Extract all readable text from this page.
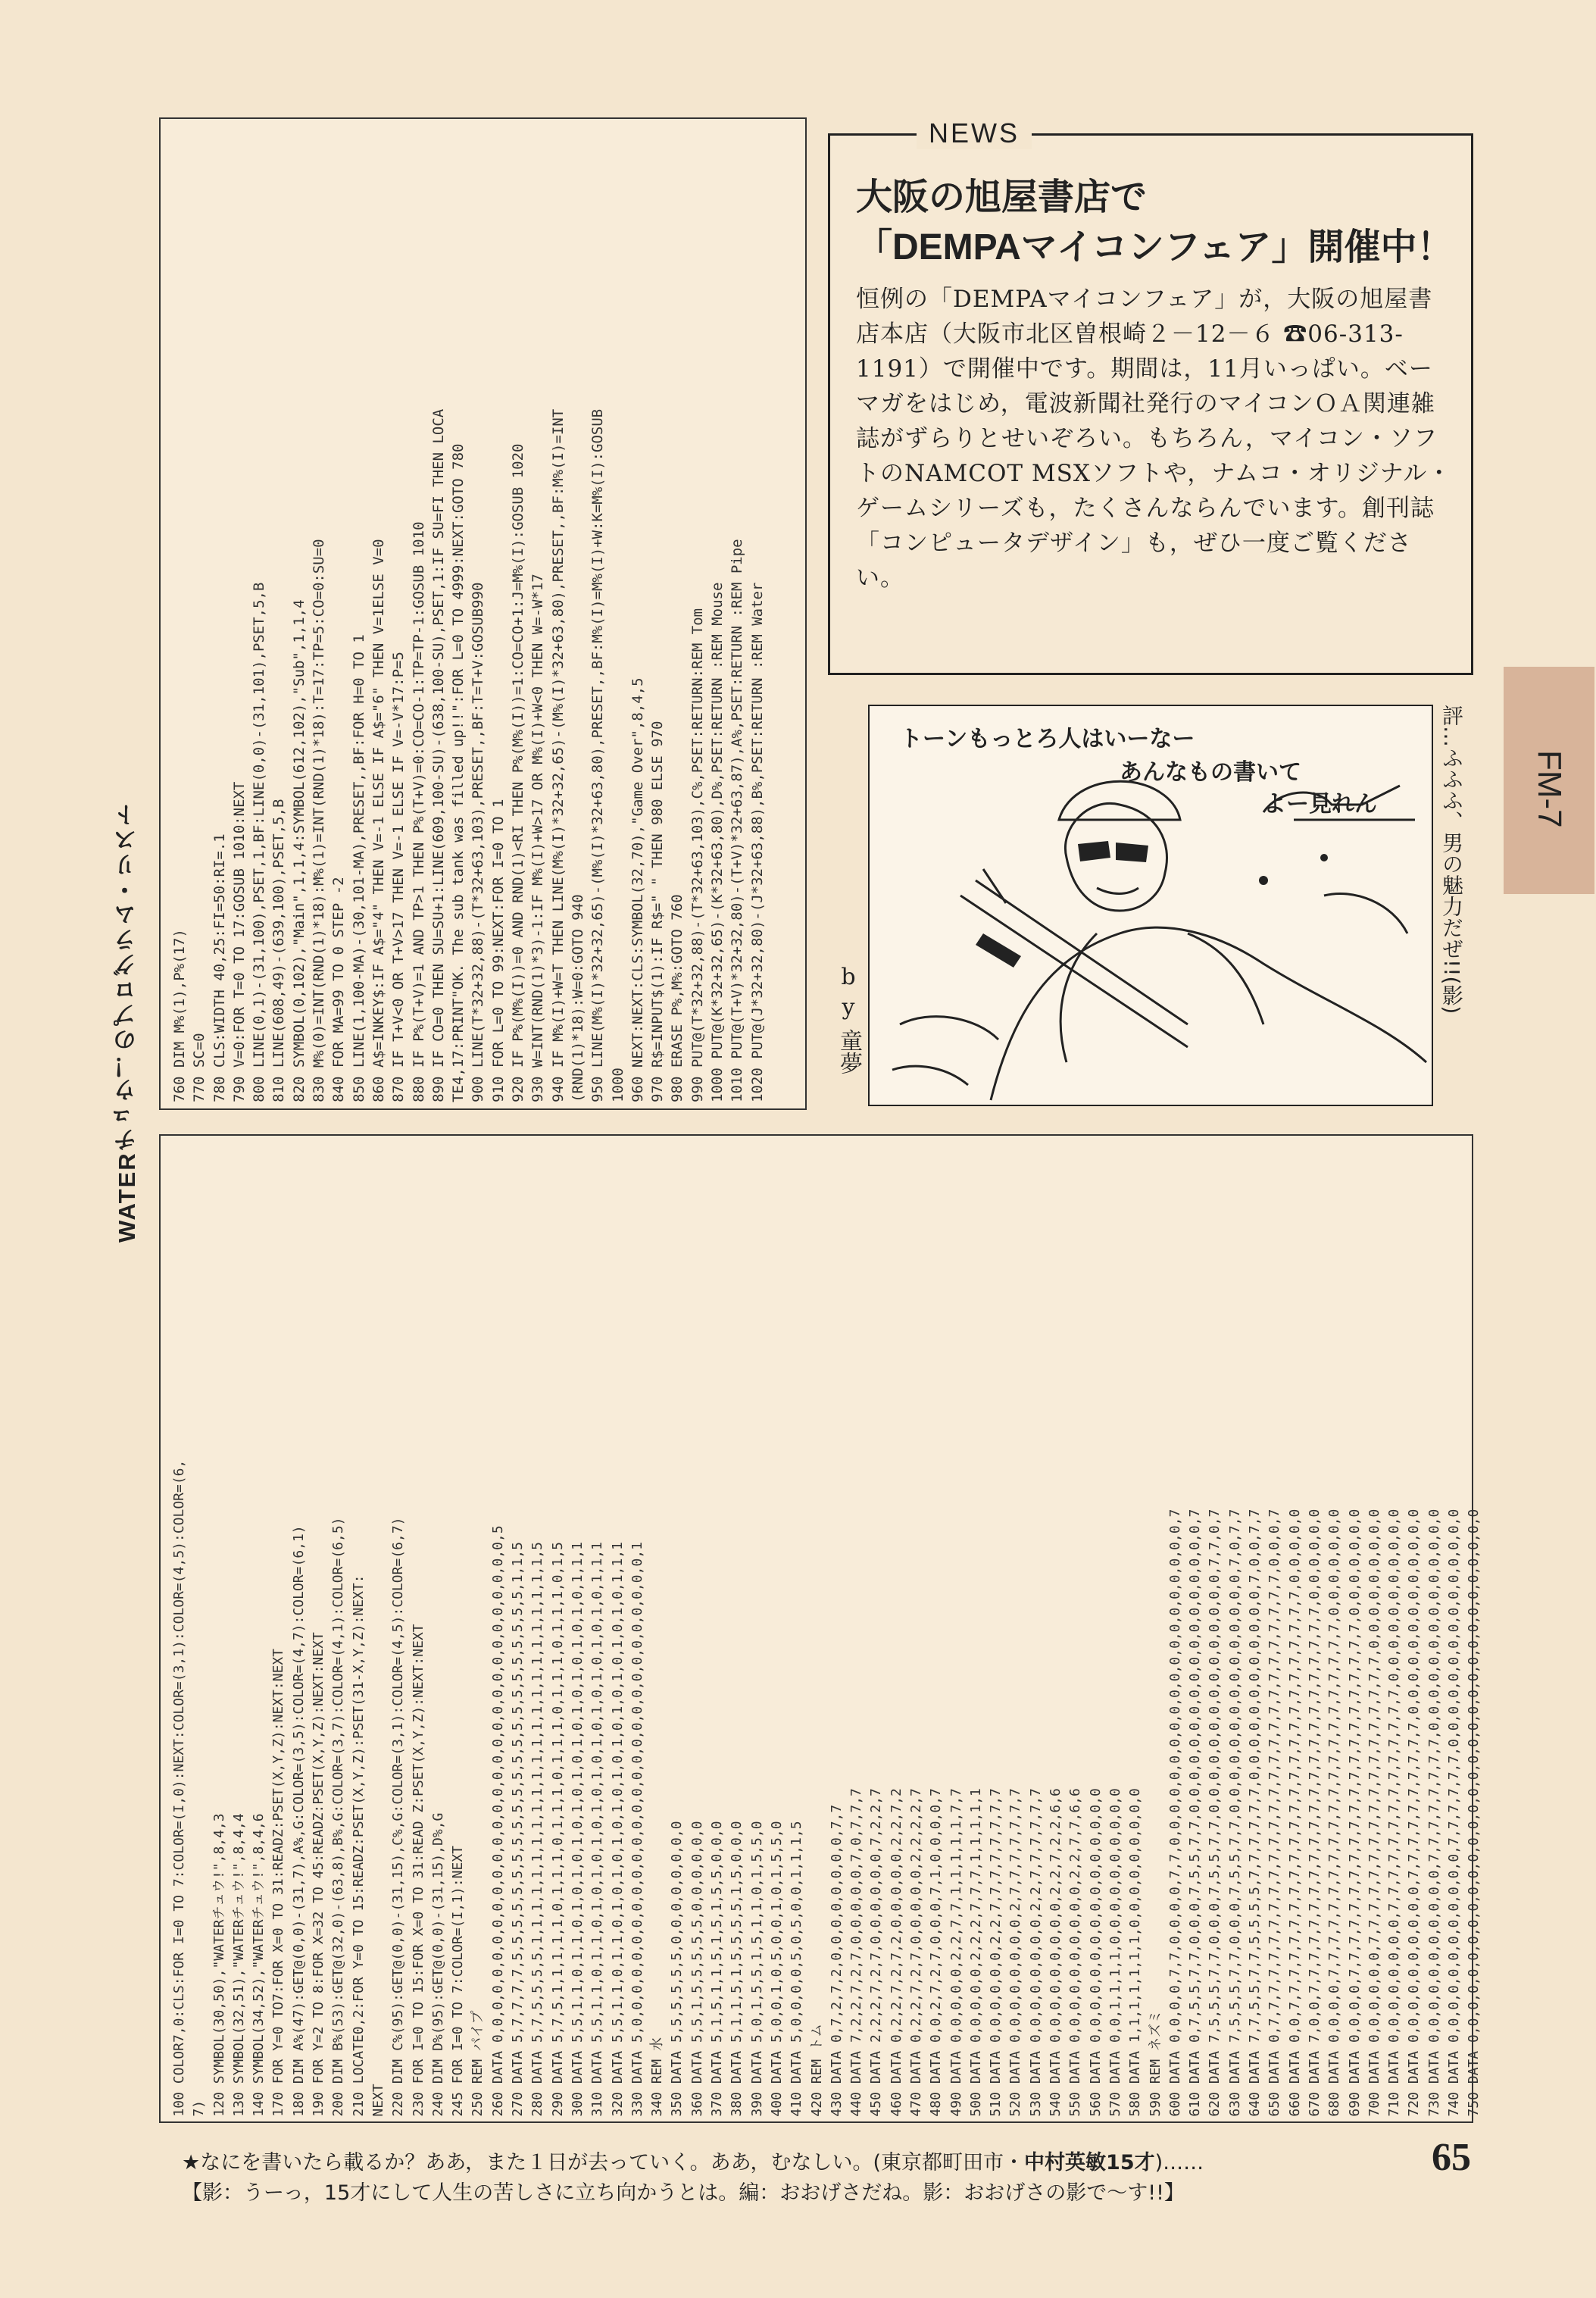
WATERチュウ！のプログラム・リスト 760 DIM M%(1),P%(17) 770 SC=0 780 CLS:WIDTH 40,25:FI=50:RI=.1 790 V=0:FOR T=0 TO 17:GOSUB 1010:NEXT 800 LINE(0,1)-(31,100),PSET,1,BF:LINE(0,0)-(31,101),PSET,5,B 810 LINE(608,49)-(639,100),PSET,5,B 820 SYMBOL(0,102),"Main",1,1,4:SYMBOL(612,102),"Sub",1,1,4 830 M%(0)=INT(RND(1)*18):M%(1)=INT(RND(1)*18):T=17:TP=5:CO=0:SU=0 840 FOR MA=99 TO 0 STEP -2 850 LINE(1,100-MA)-(30,101-MA),PRESET,,BF:FOR H=0 TO 1 860 A$=INKEY$:IF A$="4" THEN V=-1 ELSE IF A$="6" THEN V=1ELSE V=0 870 IF T+V<0 OR T+V>17 THEN V=-1 ELSE IF V=-V*17:P=5 880 IF P%(T+V)=1 AND TP>1 THEN P%(T+V)=0:CO=CO-1:TP=TP-1:GOSUB 1010 890 IF CO=0 THEN SU=SU+1:LINE(609,100-SU)-(638,100-SU),PSET,1:IF SU=FI THEN LOCA TE4,17:PRINT"OK. The sub tank was filled up!!":FOR L=0 TO 4999:NEXT:GOTO 780 900 LINE(T*32+32,88)-(T*32+63,103),PRESET,,BF:T=T+V:GOSUB990 910 FOR L=0 TO 99:NEXT:FOR I=0 TO 1 920 IF P%(M%(I))=0 AND RND(1)<RI THEN P%(M%(I))=1:CO=CO+1:J=M%(I):GOSUB 1020 930 W=INT(RND(1)*3)-1:IF M%(I)+W>17 OR M%(I)+W<0 THEN W=-W*17 940 IF M%(I)+W=T THEN LINE(M%(I)*32+32,65)-(M%(I)*32+63,80),PRESET,,BF:M%(I)=INT (RND(1)*18):W=0:GOTO 940 950 LINE(M%(I)*32+32,65)-(M%(I)*32+63,80),PRESET,,BF:M%(I)=M%(I)+W:K=M%(I):GOSUB 1000 960 NEXT:NEXT:CLS:SYMBOL(32,70),"Game Over",8,4,5 970 R$=INPUT$(1):IF R$=" " THEN 980 ELSE 970 980 ERASE P%,M%:GOTO 760 990 PUT@(T*32+32,88)-(T*32+63,103),C%,PSET:RETURN:REM Tom 1000 PUT@(K*32+32,65)-(K*32+63,80),D%,PSET:RETURN :REM Mouse 1010 PUT@(T+V)*32+32,80)-(T+V)*32+63,87),A%,PSET:RETURN :REM Pipe 1020 PUT@(J*32+32,80)-(J*32+63,88),B%,PSET:RETURN :REM Water
100 COLOR7,0:CLS:FOR I=0 TO 7:COLOR=(I,0):NEXT:COLOR=(3,1):COLOR=(4,5):COLOR=(6, 7) 120 SYMBOL(30,50),"WATERチュウ!",8,4,3 130 SYMBOL(32,51),"WATERチュウ!",8,4,4 140 SYMBOL(34,52),"WATERチュウ!",8,4,6 170 FOR Y=0 TO7:FOR X=0 TO 31:READZ:PSET(X,Y,Z):NEXT:NEXT 180 DIM A%(47):GET@(0,0)-(31,7),A%,G:COLOR=(3,5):COLOR=(4,7):COLOR=(6,1) 190 FOR Y=2 TO 8:FOR X=32 TO 45:READZ:PSET(X,Y,Z):NEXT:NEXT 200 DIM B%(53):GET@(32,0)-(63,8),B%,G:COLOR=(3,7):COLOR=(4,1):COLOR=(6,5) 210 LOCATE0,2:FOR Y=0 TO 15:READZ:PSET(X,Y,Z):PSET(31-X,Y,Z):NEXT: NEXT 220 DIM C%(95):GET@(0,0)-(31,15),C%,G:COLOR=(3,1):COLOR=(4,5):COLOR=(6,7) 230 FOR I=0 TO 15:FOR X=0 TO 31:READ Z:PSET(X,Y,Z):NEXT:NEXT 240 DIM D%(95):GET@(0,0)-(31,15),D%,G 245 FOR I=0 TO 7:COLOR=(I,1):NEXT 250 REM パイプ 260 DATA 0,0,0,0,0,0,0,0,0,0,0,0,0,0,0,0,0,0,0,0,0,0,0,0,0,0,0,0,0,0,0,5 270 DATA 5,7,7,7,7,5,5,5,5,5,5,5,5,5,5,5,5,5,5,5,5,5,5,5,5,5,5,5,1,1,5 280 DATA 5,7,5,5,5,5,1,1,1,1,1,1,1,1,1,1,1,1,1,1,1,1,1,1,1,1,1,1,1,1,5 290 DATA 5,7,5,1,1,1,1,1,0,1,1,1,0,1,1,1,0,1,1,1,0,1,1,1,0,1,1,1,0,1,5 300 DATA 5,5,1,1,0,1,1,0,1,0,1,0,1,0,1,0,1,0,1,0,1,0,1,0,1,0,1,0,1,1,1 310 DATA 5,5,1,1,0,1,1,0,1,0,1,0,1,0,1,0,1,0,1,0,1,0,1,0,1,0,1,0,1,1,1 320 DATA 5,5,1,1,0,1,1,0,1,0,1,0,1,0,1,0,1,0,1,0,1,0,1,0,1,0,1,0,1,1,1 330 DATA 5,0,0,0,0,0,0,0,0,0,0,0,0,0,0,0,0,0,0,0,0,0,0,0,0,0,0,0,0,0,1 340 REM 水 350 DATA 5,5,5,5,5,5,0,0,0,0,0,0,0,0 360 DATA 5,5,1,5,5,5,5,5,0,0,0,0,0,0 370 DATA 5,1,5,1,1,5,1,5,1,5,5,0,0,0 380 DATA 5,1,1,5,1,5,5,5,5,1,5,0,0,0 390 DATA 5,0,1,5,5,1,5,1,1,0,1,5,5,0 400 DATA 5,0,0,1,0,5,0,0,1,0,1,5,5,0 410 DATA 5,0,0,0,0,5,0,5,0,0,1,1,1,5 420 REM トム 430 DATA 0,7,2,7,2,0,0,0,0,0,0,0,0,7,7 440 DATA 7,2,2,7,2,7,0,0,0,0,0,7,0,7,7,7 450 DATA 2,2,2,7,2,7,0,0,0,0,0,0,7,2,2,7 460 DATA 0,2,2,7,2,7,2,0,0,0,0,0,2,2,7,2 470 DATA 0,2,2,7,2,7,0,0,0,0,0,2,2,2,2,7 480 DATA 0,0,2,7,2,7,0,0,0,7,1,0,0,0,0,7 490 DATA 0,0,0,0,0,2,2,7,7,1,1,1,1,1,7,7 500 DATA 0,0,0,0,0,2,2,2,7,7,7,1,1,1,1,1 510 DATA 0,0,0,0,0,0,2,2,7,7,7,7,7,7,7,7 520 DATA 0,0,0,0,0,0,0,0,2,7,7,7,7,7,7,7 530 DATA 0,0,0,0,0,0,0,0,2,2,7,7,7,7,7,7 540 DATA 0,0,0,0,0,0,0,0,0,2,2,7,2,2,6,6 550 DATA 0,0,0,0,0,0,0,0,0,0,2,2,7,7,6,6 560 DATA 0,0,0,0,0,0,0,0,0,0,0,0,0,0,0,0 570 DATA 0,0,1,1,1,1,0,0,0,0,0,0,0,0,0,0 580 DATA 1,1,1,1,1,1,1,0,0,0,0,0,0,0,0,0 590 REM ネズミ 600 DATA 0,0,0,0,7,7,0,0,0,0,7,7,0,0,0,0,0,0,0,0,0,0,0,0,0,0,0,0,0,0,0,0,7 610 DATA 0,7,5,5,7,7,0,0,0,7,5,5,7,7,0,0,0,0,0,0,0,0,0,0,0,0,0,0,0,0,0,0,7 620 DATA 7,5,5,5,7,7,0,0,0,7,5,5,7,7,0,0,0,0,0,0,0,0,0,0,0,0,0,0,0,7,7,0,7 630 DATA 7,5,5,5,7,7,0,0,0,7,5,5,7,7,0,0,0,0,0,0,0,0,0,0,0,0,0,0,0,7,0,7,7 640 DATA 7,7,5,5,7,7,5,5,5,5,7,7,7,7,7,7,0,0,0,0,0,0,0,0,0,0,0,0,7,0,0,7,7 650 DATA 0,7,7,7,7,7,7,7,7,7,7,7,7,7,7,7,7,7,7,7,7,7,7,7,7,7,7,7,7,0,0,0,7 660 DATA 0,0,7,7,7,7,7,7,7,7,7,7,7,7,7,7,7,7,7,7,7,7,7,7,7,7,7,7,0,0,0,0,0 670 DATA 7,0,0,7,7,7,7,7,7,7,7,7,7,7,7,7,7,7,7,7,7,7,7,7,7,7,7,0,0,0,0,0,0 680 DATA 0,0,0,0,7,7,7,7,7,7,7,7,7,7,7,7,7,7,7,7,7,7,7,7,7,7,0,0,0,0,0,0,0 690 DATA 0,0,0,0,7,7,7,7,7,7,7,7,7,7,7,7,7,7,7,7,7,7,7,7,7,7,0,0,0,0,0,0,0 700 DATA 0,0,0,0,0,0,7,7,7,7,7,7,7,7,7,7,7,7,7,7,7,7,7,7,0,0,0,0,0,0,0,0,0 710 DATA 0,0,0,0,0,0,0,0,7,7,7,7,7,7,7,7,7,7,7,7,7,7,0,0,0,0,0,0,0,0,0,0,0 720 DATA 0,0,0,0,0,0,0,0,0,0,7,7,7,7,7,7,7,7,7,7,0,0,0,0,0,0,0,0,0,0,0,0,0 730 DATA 0,0,0,0,0,0,0,0,0,0,0,7,7,7,7,7,7,7,7,0,0,0,0,0,0,0,0,0,0,0,0,0,0 740 DATA 0,0,0,0,0,0,0,0,0,0,0,0,7,7,7,7,7,7,0,0,0,0,0,0,0,0,0,0,0,0,0,0,0 750 DATA 0,0,0,0,0,0,0,0,0,0,0,0,0,0,0,0,0,0,0,0,0,0,0,0,0,0,0,0,0,0,0,0,0
NEWS
大阪の旭屋書店で
「DEMPAマイコンフェア」開催中！
恒例の「DEMPAマイコンフェア」が，大阪の旭屋書店本店（大阪市北区曽根崎２－12－６ ☎06-313-1191）で開催中です。期間は，11月いっぱい。ベーマガをはじめ，電波新聞社発行のマイコンＯＡ関連雑誌がずらりとせいぞろい。もちろん，マイコン・ソフトのNAMCOT MSXソフトや，ナムコ・オリジナル・ゲームシリーズも，たくさんならんでいます。創刊誌「コンピュータデザイン」も，ぜひ一度ご覧ください。
トーンもっとろ人はいーなー
あんなもの書いて
よー見れん
b y
童夢
評…ふふふ、男の魅力だぜ!!(影) FM-7
★なにを書いたら載るか？ああ，また１日が去っていく。ああ，むなしい。(東京都町田市・中村英敏15才)……
【影：うーっ，15才にして人生の苦しさに立ち向かうとは。編：おおげさだね。影：おおげさの影で～す!!】
65
